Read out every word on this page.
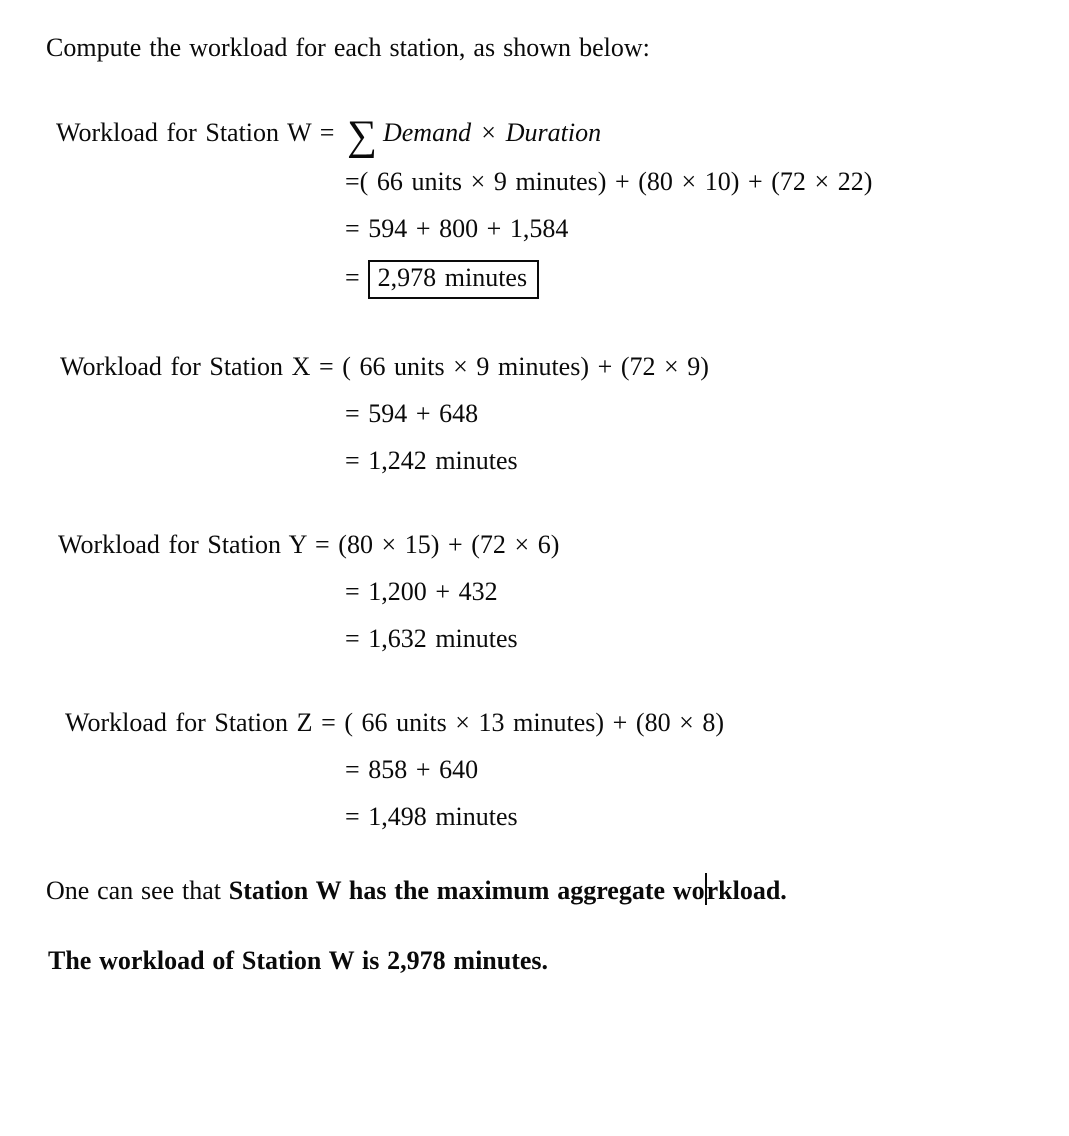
Compute the workload for each station, as shown below:

Workload for Station W = ∑ Demand × Duration
=( 66 units × 9 minutes) + (80 × 10) + (72 × 22)
= 594 + 800 + 1,584
= 2,978 minutes
Workload for Station X = ( 66 units × 9 minutes) + (72 × 9)
= 594 + 648
= 1,242 minutes
Workload for Station Y = (80 × 15) + (72 × 6)
= 1,200 + 432
= 1,632 minutes
Workload for Station Z = ( 66 units × 13 minutes) + (80 × 8)
= 858 + 640
= 1,498 minutes

One can see that Station W has the maximum aggregate workload.

The workload of Station W is 2,978 minutes.
